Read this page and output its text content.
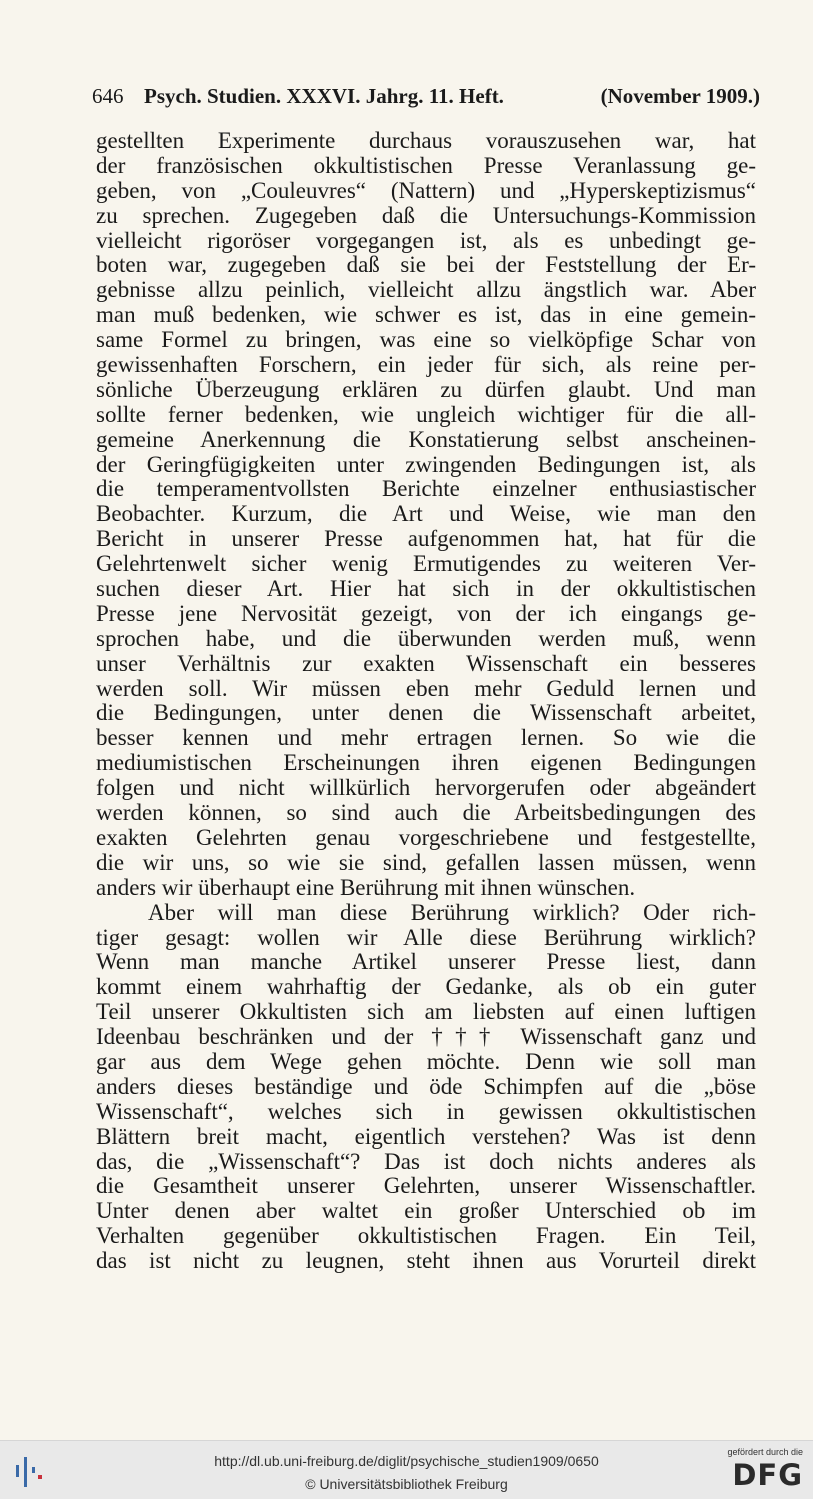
646 Psych. Studien. XXXVI. Jahrg. 11. Heft.	(November 1909.)
gestellten Experimente durchaus vorauszusehen war, hat
der französischen okkultistischen Presse Veranlassung ge-
geben, von „Couleuvres“ (Nattern) und „Hyperskeptizismus“
zu sprechen. Zugegeben daß die Untersuchungs-Kommission
vielleicht rigoröser vorgegangen ist, als es unbedingt ge-
boten war, zugegeben daß sie bei der Feststellung der Er-
gebnisse allzu peinlich, vielleicht allzu ängstlich war. Aber
man muß bedenken, wie schwer es ist, das in eine gemein-
same Formel zu bringen, was eine so vielköpfige Schar von
gewissenhaften Forschern, ein jeder für sich, als reine per-
sönliche Überzeugung erklären zu dürfen glaubt. Und man
sollte ferner bedenken, wie ungleich wichtiger für die all-
gemeine Anerkennung die Konstatierung selbst anscheinen-
der Geringfügigkeiten unter zwingenden Bedingungen ist, als
die temperamentvollsten Berichte einzelner enthusiastischer
Beobachter. Kurzum, die Art und Weise, wie man den
Bericht in unserer Presse aufgenommen hat, hat für die
Gelehrtenwelt sicher wenig Ermutigendes zu weiteren Ver-
suchen dieser Art. Hier hat sich in der okkultistischen
Presse jene Nervosität gezeigt, von der ich eingangs ge-
sprochen habe, und die überwunden werden muß, wenn
unser Verhältnis zur exakten Wissenschaft ein besseres
werden soll. Wir müssen eben mehr Geduld lernen und
die Bedingungen, unter denen die Wissenschaft arbeitet,
besser kennen und mehr ertragen lernen. So wie die
mediumistischen Erscheinungen ihren eigenen Bedingungen
folgen und nicht willkürlich hervorgerufen oder abgeändert
werden können, so sind auch die Arbeitsbedingungen des
exakten Gelehrten genau vorgeschriebene und festgestellte,
die wir uns, so wie sie sind, gefallen lassen müssen, wenn
anders wir überhaupt eine Berührung mit ihnen wünschen.
Aber will man diese Berührung wirklich? Oder rich-
tiger gesagt: wollen wir Alle diese Berührung wirklich?
Wenn man manche Artikel unserer Presse liest, dann
kommt einem wahrhaftig der Gedanke, als ob ein guter
Teil unserer Okkultisten sich am liebsten auf einen luftigen
Ideenbau beschränken und der ††† Wissenschaft ganz und
gar aus dem Wege gehen möchte. Denn wie soll man
anders dieses beständige und öde Schimpfen auf die „böse
Wissenschaft“, welches sich in gewissen okkultistischen
Blättern breit macht, eigentlich verstehen? Was ist denn
das, die „Wissenschaft“? Das ist doch nichts anderes als
die Gesamtheit unserer Gelehrten, unserer Wissenschaftler.
Unter denen aber waltet ein großer Unterschied ob im
Verhalten gegenüber okkultistischen Fragen. Ein Teil,
das ist nicht zu leugnen, steht ihnen aus Vorurteil direkt
http://dl.ub.uni-freiburg.de/diglit/psychische_studien1909/0650
© Universitätsbibliothek Freiburg
gefördert durch die
DFG
